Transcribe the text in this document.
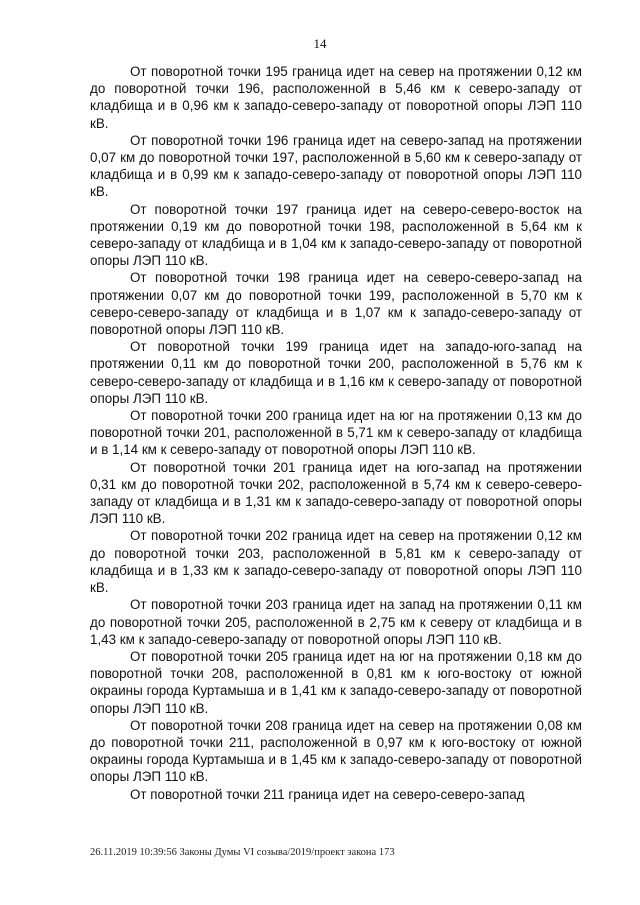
14

От поворотной точки 195 граница идет на север на протяжении 0,12 км до поворотной точки 196, расположенной в 5,46 км к северо-западу от кладбища и в 0,96 км к западо-северо-западу от поворотной опоры ЛЭП 110 кВ.

От поворотной точки 196 граница идет на северо-запад на протяжении 0,07 км до поворотной точки 197, расположенной в 5,60 км к северо-западу от кладбища и в 0,99 км к западо-северо-западу от поворотной опоры ЛЭП 110 кВ.

От поворотной точки 197 граница идет на северо-северо-восток на протяжении 0,19 км до поворотной точки 198, расположенной в 5,64 км к северо-западу от кладбища и в 1,04 км к западо-северо-западу от поворотной опоры ЛЭП 110 кВ.

От поворотной точки 198 граница идет на северо-северо-запад на протяжении 0,07 км до поворотной точки 199, расположенной в 5,70 км к северо-северо-западу от кладбища и в 1,07 км к западо-северо-западу от поворотной опоры ЛЭП 110 кВ.

От поворотной точки 199 граница идет на западо-юго-запад на протяжении 0,11 км до поворотной точки 200, расположенной в 5,76 км к северо-северо-западу от кладбища и в 1,16 км к северо-западу от поворотной опоры ЛЭП 110 кВ.

От поворотной точки 200 граница идет на юг на протяжении 0,13 км до поворотной точки 201, расположенной в 5,71 км к северо-западу от кладбища и в 1,14 км к северо-западу от поворотной опоры ЛЭП 110 кВ.

От поворотной точки 201 граница идет на юго-запад на протяжении 0,31 км до поворотной точки 202, расположенной в 5,74 км к северо-северо-западу от кладбища и в 1,31 км к западо-северо-западу от поворотной опоры ЛЭП 110 кВ.

От поворотной точки 202 граница идет на север на протяжении 0,12 км до поворотной точки 203, расположенной в 5,81 км к северо-западу от кладбища и в 1,33 км к западо-северо-западу от поворотной опоры ЛЭП 110 кВ.

От поворотной точки 203 граница идет на запад на протяжении 0,11 км до поворотной точки 205, расположенной в 2,75 км к северу от кладбища и в 1,43 км к западо-северо-западу от поворотной опоры ЛЭП 110 кВ.

От поворотной точки 205 граница идет на юг на протяжении 0,18 км до поворотной точки 208, расположенной в 0,81 км к юго-востоку от южной окраины города Куртамыша и в 1,41 км к западо-северо-западу от поворотной опоры ЛЭП 110 кВ.

От поворотной точки 208 граница идет на север на протяжении 0,08 км до поворотной точки 211, расположенной в 0,97 км к юго-востоку от южной окраины города Куртамыша и в 1,45 км к западо-северо-западу от поворотной опоры ЛЭП 110 кВ.

От поворотной точки 211 граница идет на северо-северо-запад

26.11.2019 10:39:56 Законы Думы VI созыва/2019/проект закона 173
